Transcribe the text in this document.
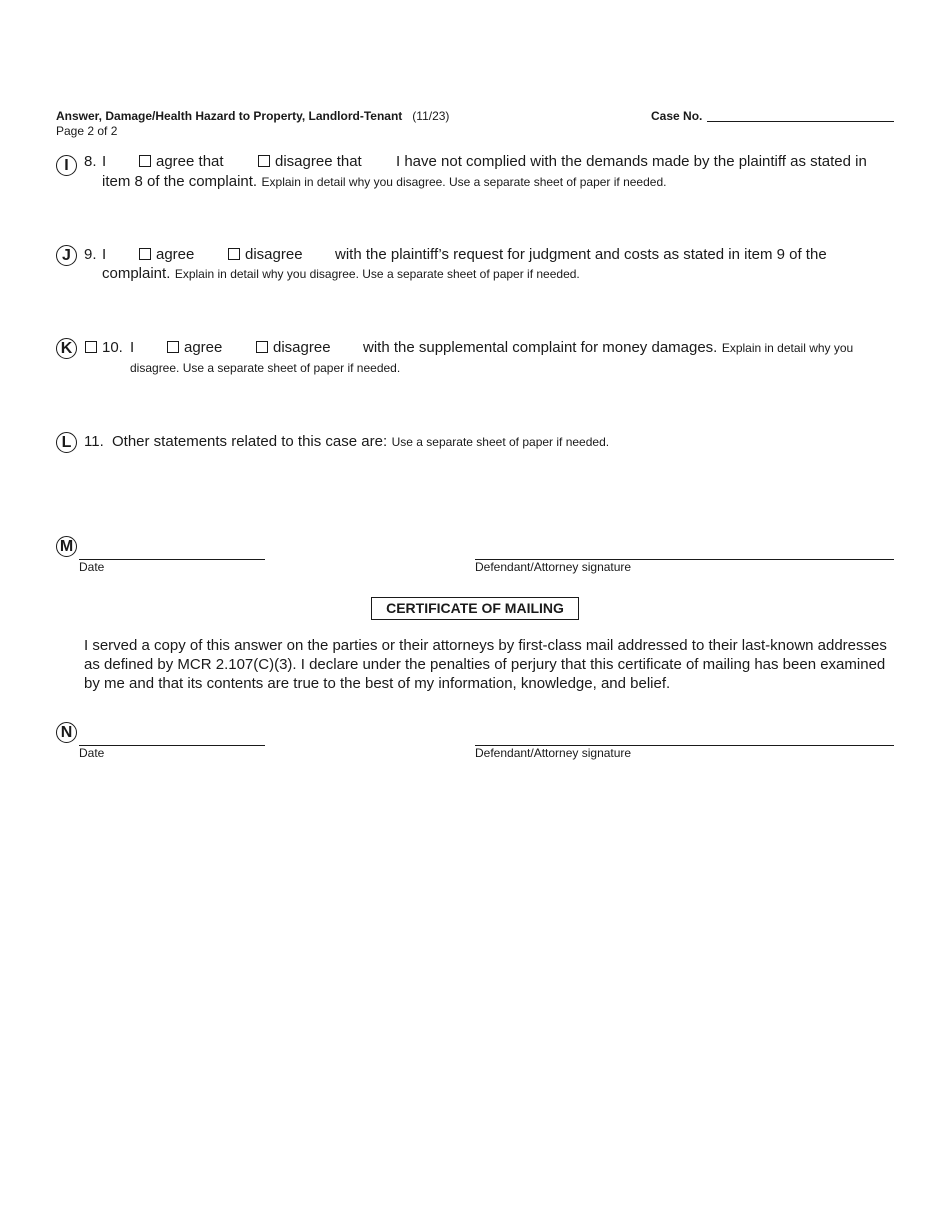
Answer, Damage/Health Hazard to Property, Landlord-Tenant (11/23)
Page 2 of 2
Case No.
I	8. I	agree that	disagree that I have not complied with the demands made by the plaintiff as stated in
item 8 of the complaint. Explain in detail why you disagree. Use a separate sheet of paper if needed.
J 9. I	agree	disagree with the plaintiff’s request for judgment and costs as stated in item 9 of the
complaint. Explain in detail why you disagree. Use a separate sheet of paper if needed.
K	10. I	agree	disagree with the supplemental complaint for money damages. Explain in detail why you
disagree. Use a separate sheet of paper if needed.
L 11. Other statements related to this case are: Use a separate sheet of paper if needed.
M
Date	Defendant/Attorney signature
CERTIFICATE OF MAILING
I served a copy of this answer on the parties or their attorneys by first-class mail addressed to their last-known addresses as defined by MCR 2.107(C)(3). I declare under the penalties of perjury that this certificate of mailing has been examined by me and that its contents are true to the best of my information, knowledge, and belief.
N
Date	Defendant/Attorney signature
